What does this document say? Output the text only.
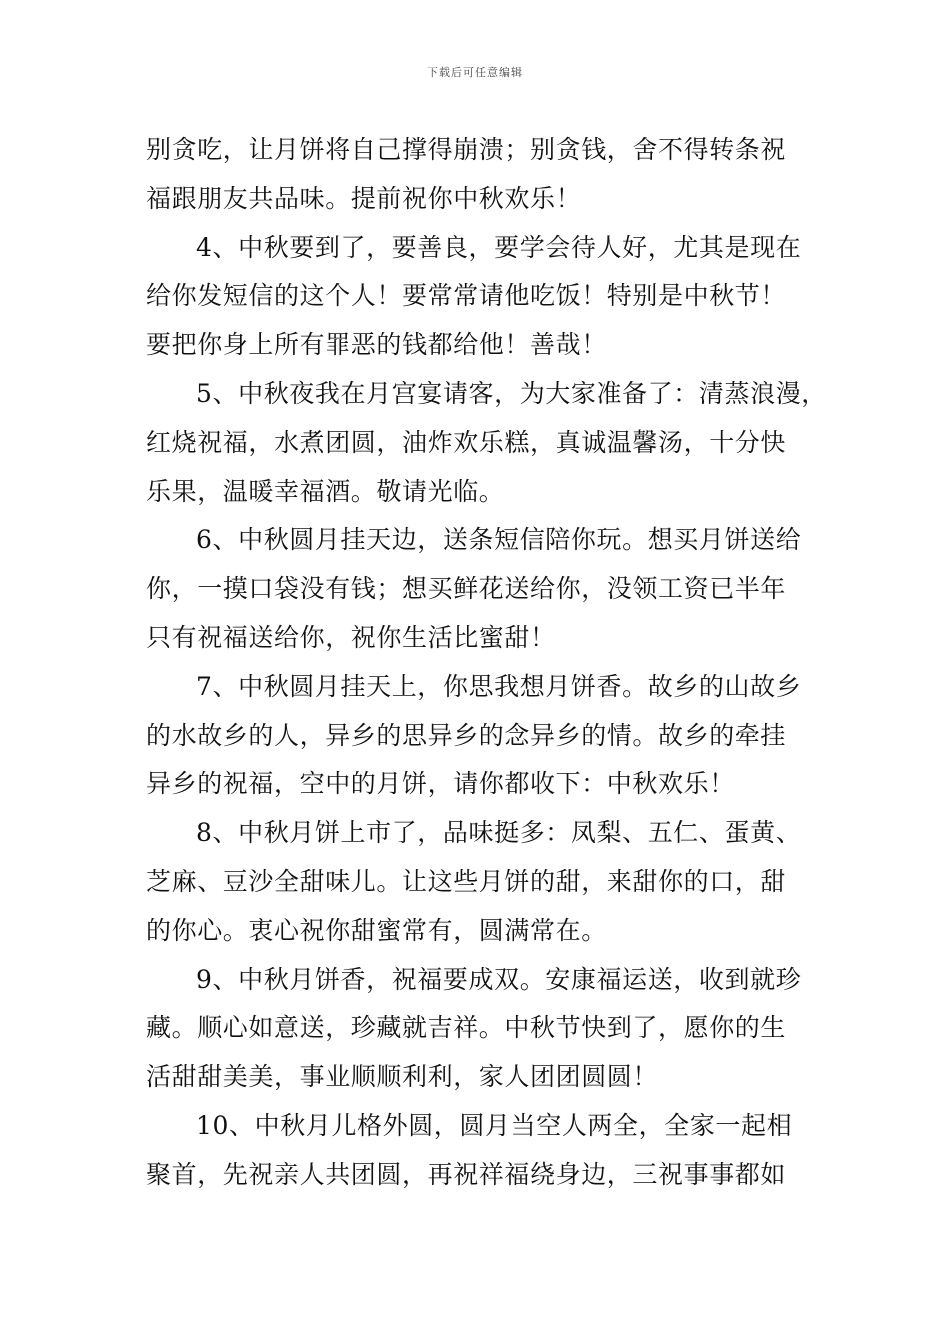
下载后可任意编辑
别贪吃，让月饼将自己撑得崩溃；别贪钱，舍不得转条祝
福跟朋友共品味。提前祝你中秋欢乐！
4、中秋要到了，要善良，要学会待人好，尤其是现在
给你发短信的这个人！要常常请他吃饭！特别是中秋节！
要把你身上所有罪恶的钱都给他！善哉！
5、中秋夜我在月宫宴请客，为大家准备了：清蒸浪漫，
红烧祝福，水煮团圆，油炸欢乐糕，真诚温馨汤，十分快
乐果，温暖幸福酒。敬请光临。
6、中秋圆月挂天边，送条短信陪你玩。想买月饼送给
你，一摸口袋没有钱；想买鲜花送给你，没领工资已半年
只有祝福送给你，祝你生活比蜜甜！
7、中秋圆月挂天上，你思我想月饼香。故乡的山故乡
的水故乡的人，异乡的思异乡的念异乡的情。故乡的牵挂
异乡的祝福，空中的月饼，请你都收下：中秋欢乐！
8、中秋月饼上市了，品味挺多：凤梨、五仁、蛋黄、
芝麻、豆沙全甜味儿。让这些月饼的甜，来甜你的口，甜
的你心。衷心祝你甜蜜常有，圆满常在。
9、中秋月饼香，祝福要成双。安康福运送，收到就珍
藏。顺心如意送，珍藏就吉祥。中秋节快到了，愿你的生
活甜甜美美，事业顺顺利利，家人团团圆圆！
10、中秋月儿格外圆，圆月当空人两全，全家一起相
聚首，先祝亲人共团圆，再祝祥福绕身边，三祝事事都如
